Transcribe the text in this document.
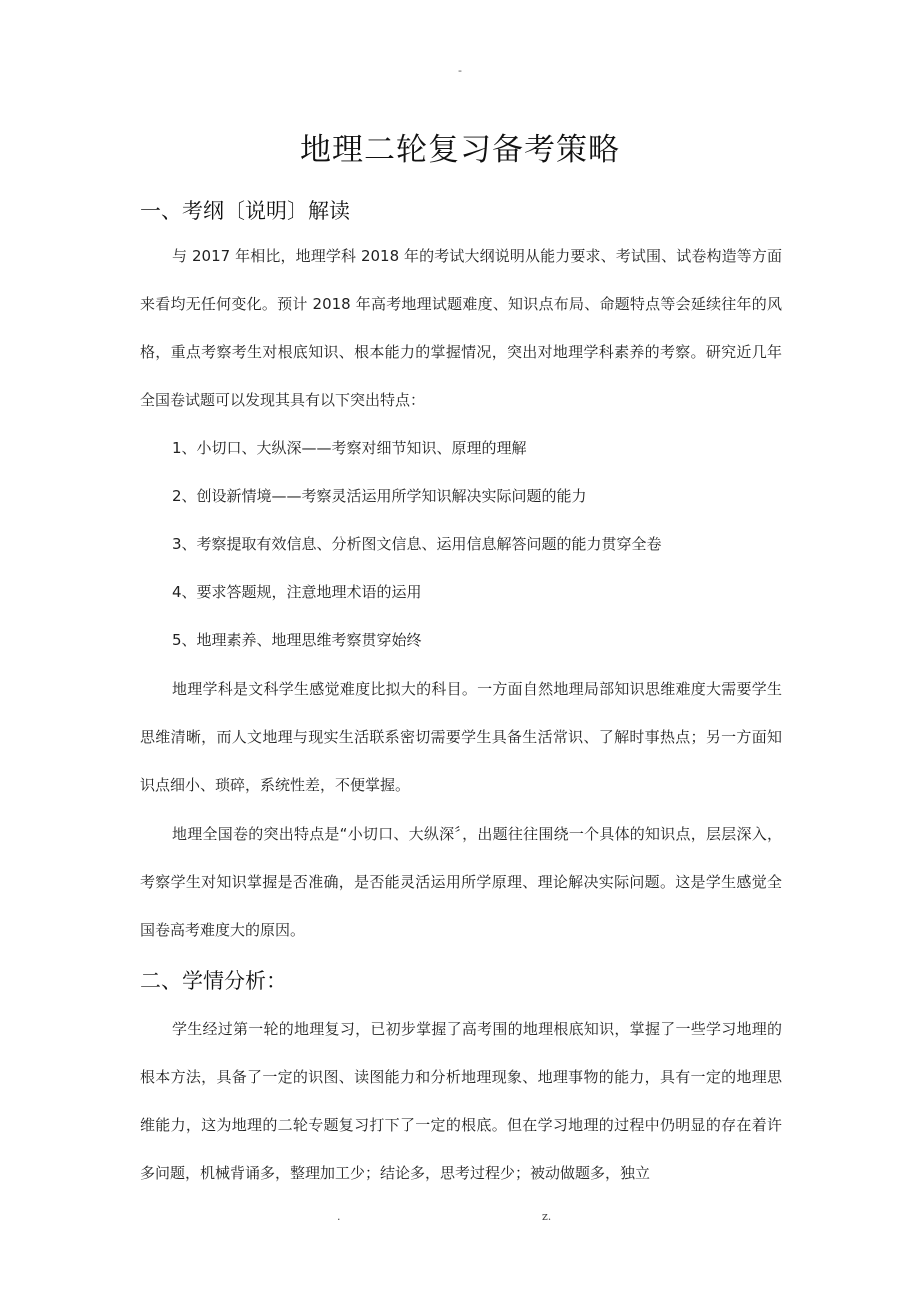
-
地理二轮复习备考策略
一、考纲〔说明〕解读

与 2017 年相比，地理学科 2018 年的考试大纲说明从能力要求、考试围、试卷构造等方面来看均无任何变化。预计 2018 年高考地理试题难度、知识点布局、命题特点等会延续往年的风格，重点考察考生对根底知识、根本能力的掌握情况，突出对地理学科素养的考察。研究近几年全国卷试题可以发现其具有以下突出特点：

1、小切口、大纵深——考察对细节知识、原理的理解
2、创设新情境——考察灵活运用所学知识解决实际问题的能力
3、考察提取有效信息、分析图文信息、运用信息解答问题的能力贯穿全卷
4、要求答题规，注意地理术语的运用
5、地理素养、地理思维考察贯穿始终

地理学科是文科学生感觉难度比拟大的科目。一方面自然地理局部知识思维难度大需要学生思维清晰，而人文地理与现实生活联系密切需要学生具备生活常识、了解时事热点；另一方面知识点细小、琐碎，系统性差，不便掌握。

地理全国卷的突出特点是“小切口、大纵深〞，出题往往围绕一个具体的知识点，层层深入，考察学生对知识掌握是否准确，是否能灵活运用所学原理、理论解决实际问题。这是学生感觉全国卷高考难度大的原因。

二、学情分析：

学生经过第一轮的地理复习，已初步掌握了高考围的地理根底知识，掌握了一些学习地理的根本方法，具备了一定的识图、读图能力和分析地理现象、地理事物的能力，具有一定的地理思维能力，这为地理的二轮专题复习打下了一定的根底。但在学习地理的过程中仍明显的存在着许多问题，机械背诵多，整理加工少；结论多，思考过程少；被动做题多，独立

.	z.
